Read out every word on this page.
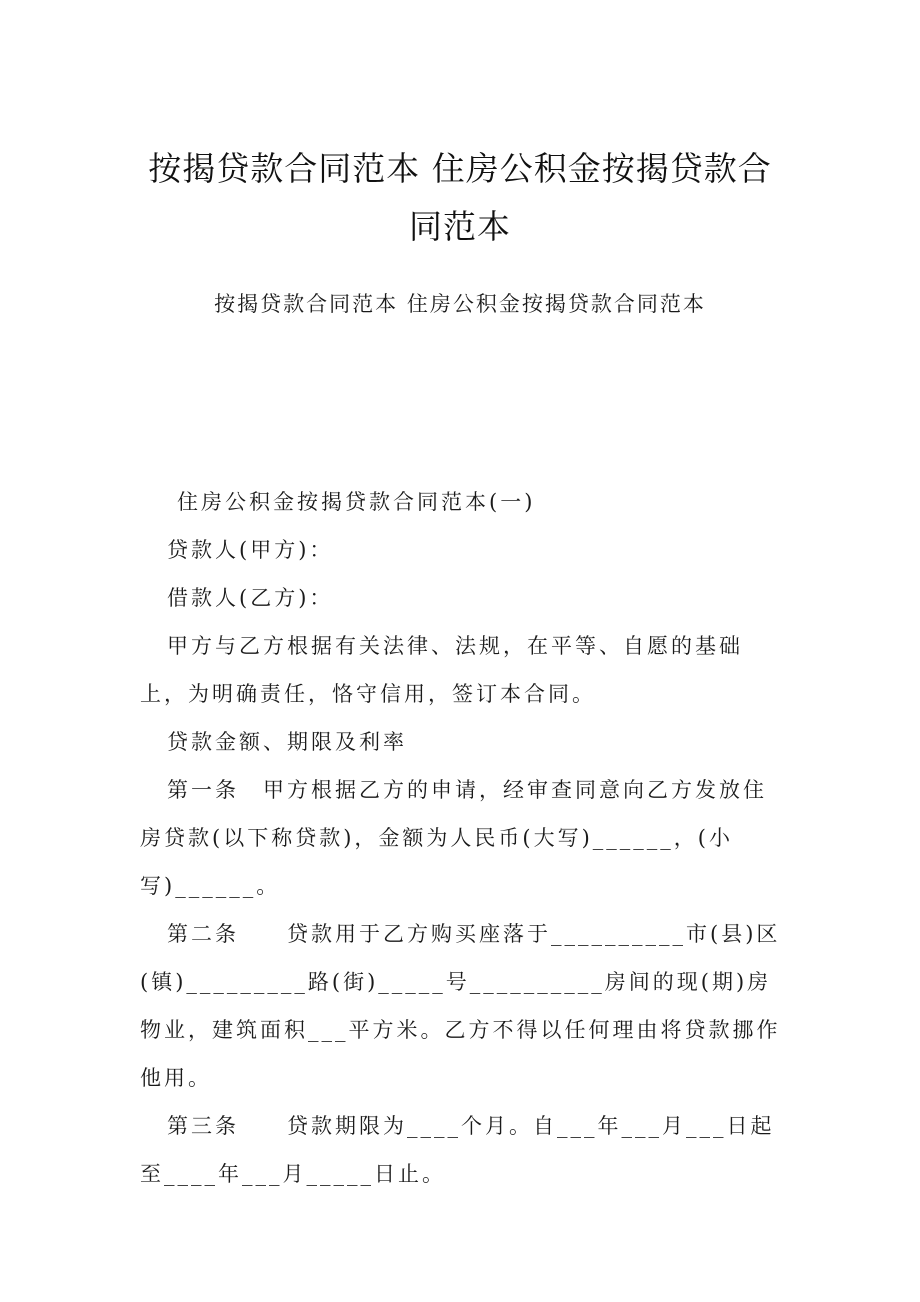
按揭贷款合同范本 住房公积金按揭贷款合
同范本
按揭贷款合同范本 住房公积金按揭贷款合同范本

住房公积金按揭贷款合同范本(一)

贷款人(甲方)：

借款人(乙方)：

甲方与乙方根据有关法律、法规，在平等、自愿的基础上，为明确责任，恪守信用，签订本合同。

贷款金额、期限及利率

第一条　甲方根据乙方的申请，经审查同意向乙方发放住房贷款(以下称贷款)，金额为人民币(大写)______，(小写)______。

第二条　　贷款用于乙方购买座落于__________市(县)区(镇)_________路(街)_____号__________房间的现(期)房物业，建筑面积___平方米。乙方不得以任何理由将贷款挪作他用。

第三条　　贷款期限为____个月。自___年___月___日起至____年___月_____日止。
